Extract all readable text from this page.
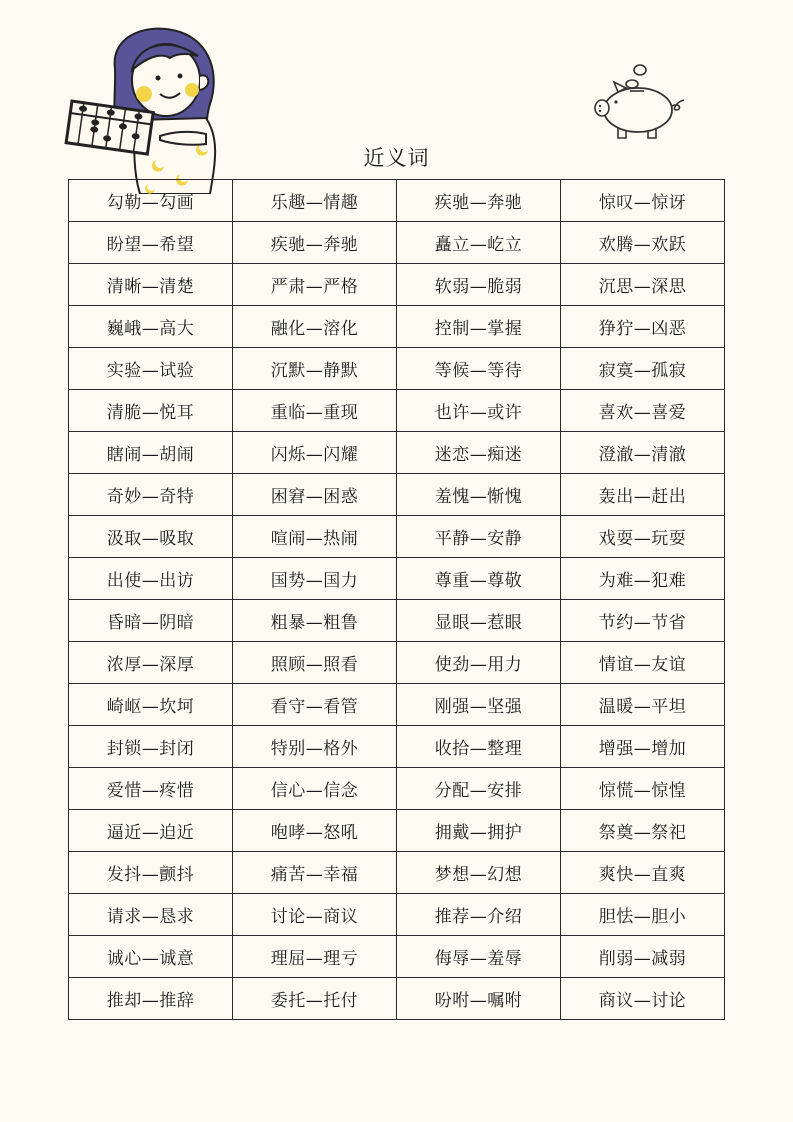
近义词
勾勒—勾画	乐趣—情趣	疾驰—奔驰	惊叹—惊讶
盼望—希望	疾驰—奔驰	矗立—屹立	欢腾—欢跃
清晰—清楚	严肃—严格	软弱—脆弱	沉思—深思
巍峨—高大	融化—溶化	控制—掌握	狰狞—凶恶
实验—试验	沉默—静默	等候—等待	寂寞—孤寂
清脆—悦耳	重临—重现	也许—或许	喜欢—喜爱
瞎闹—胡闹	闪烁—闪耀	迷恋—痴迷	澄澈—清澈
奇妙—奇特	困窘—困惑	羞愧—惭愧	轰出—赶出
汲取—吸取	喧闹—热闹	平静—安静	戏耍—玩耍
出使—出访	国势—国力	尊重—尊敬	为难—犯难
昏暗—阴暗	粗暴—粗鲁	显眼—惹眼	节约—节省
浓厚—深厚	照顾—照看	使劲—用力	情谊—友谊
崎岖—坎坷	看守—看管	刚强—坚强	温暖—平坦
封锁—封闭	特别—格外	收拾—整理	增强—增加
爱惜—疼惜	信心—信念	分配—安排	惊慌—惊惶
逼近—迫近	咆哮—怒吼	拥戴—拥护	祭奠—祭祀
发抖—颤抖	痛苦—幸福	梦想—幻想	爽快—直爽
请求—恳求	讨论—商议	推荐—介绍	胆怯—胆小
诚心—诚意	理屈—理亏	侮辱—羞辱	削弱—减弱
推却—推辞	委托—托付	吩咐—嘱咐	商议—讨论
